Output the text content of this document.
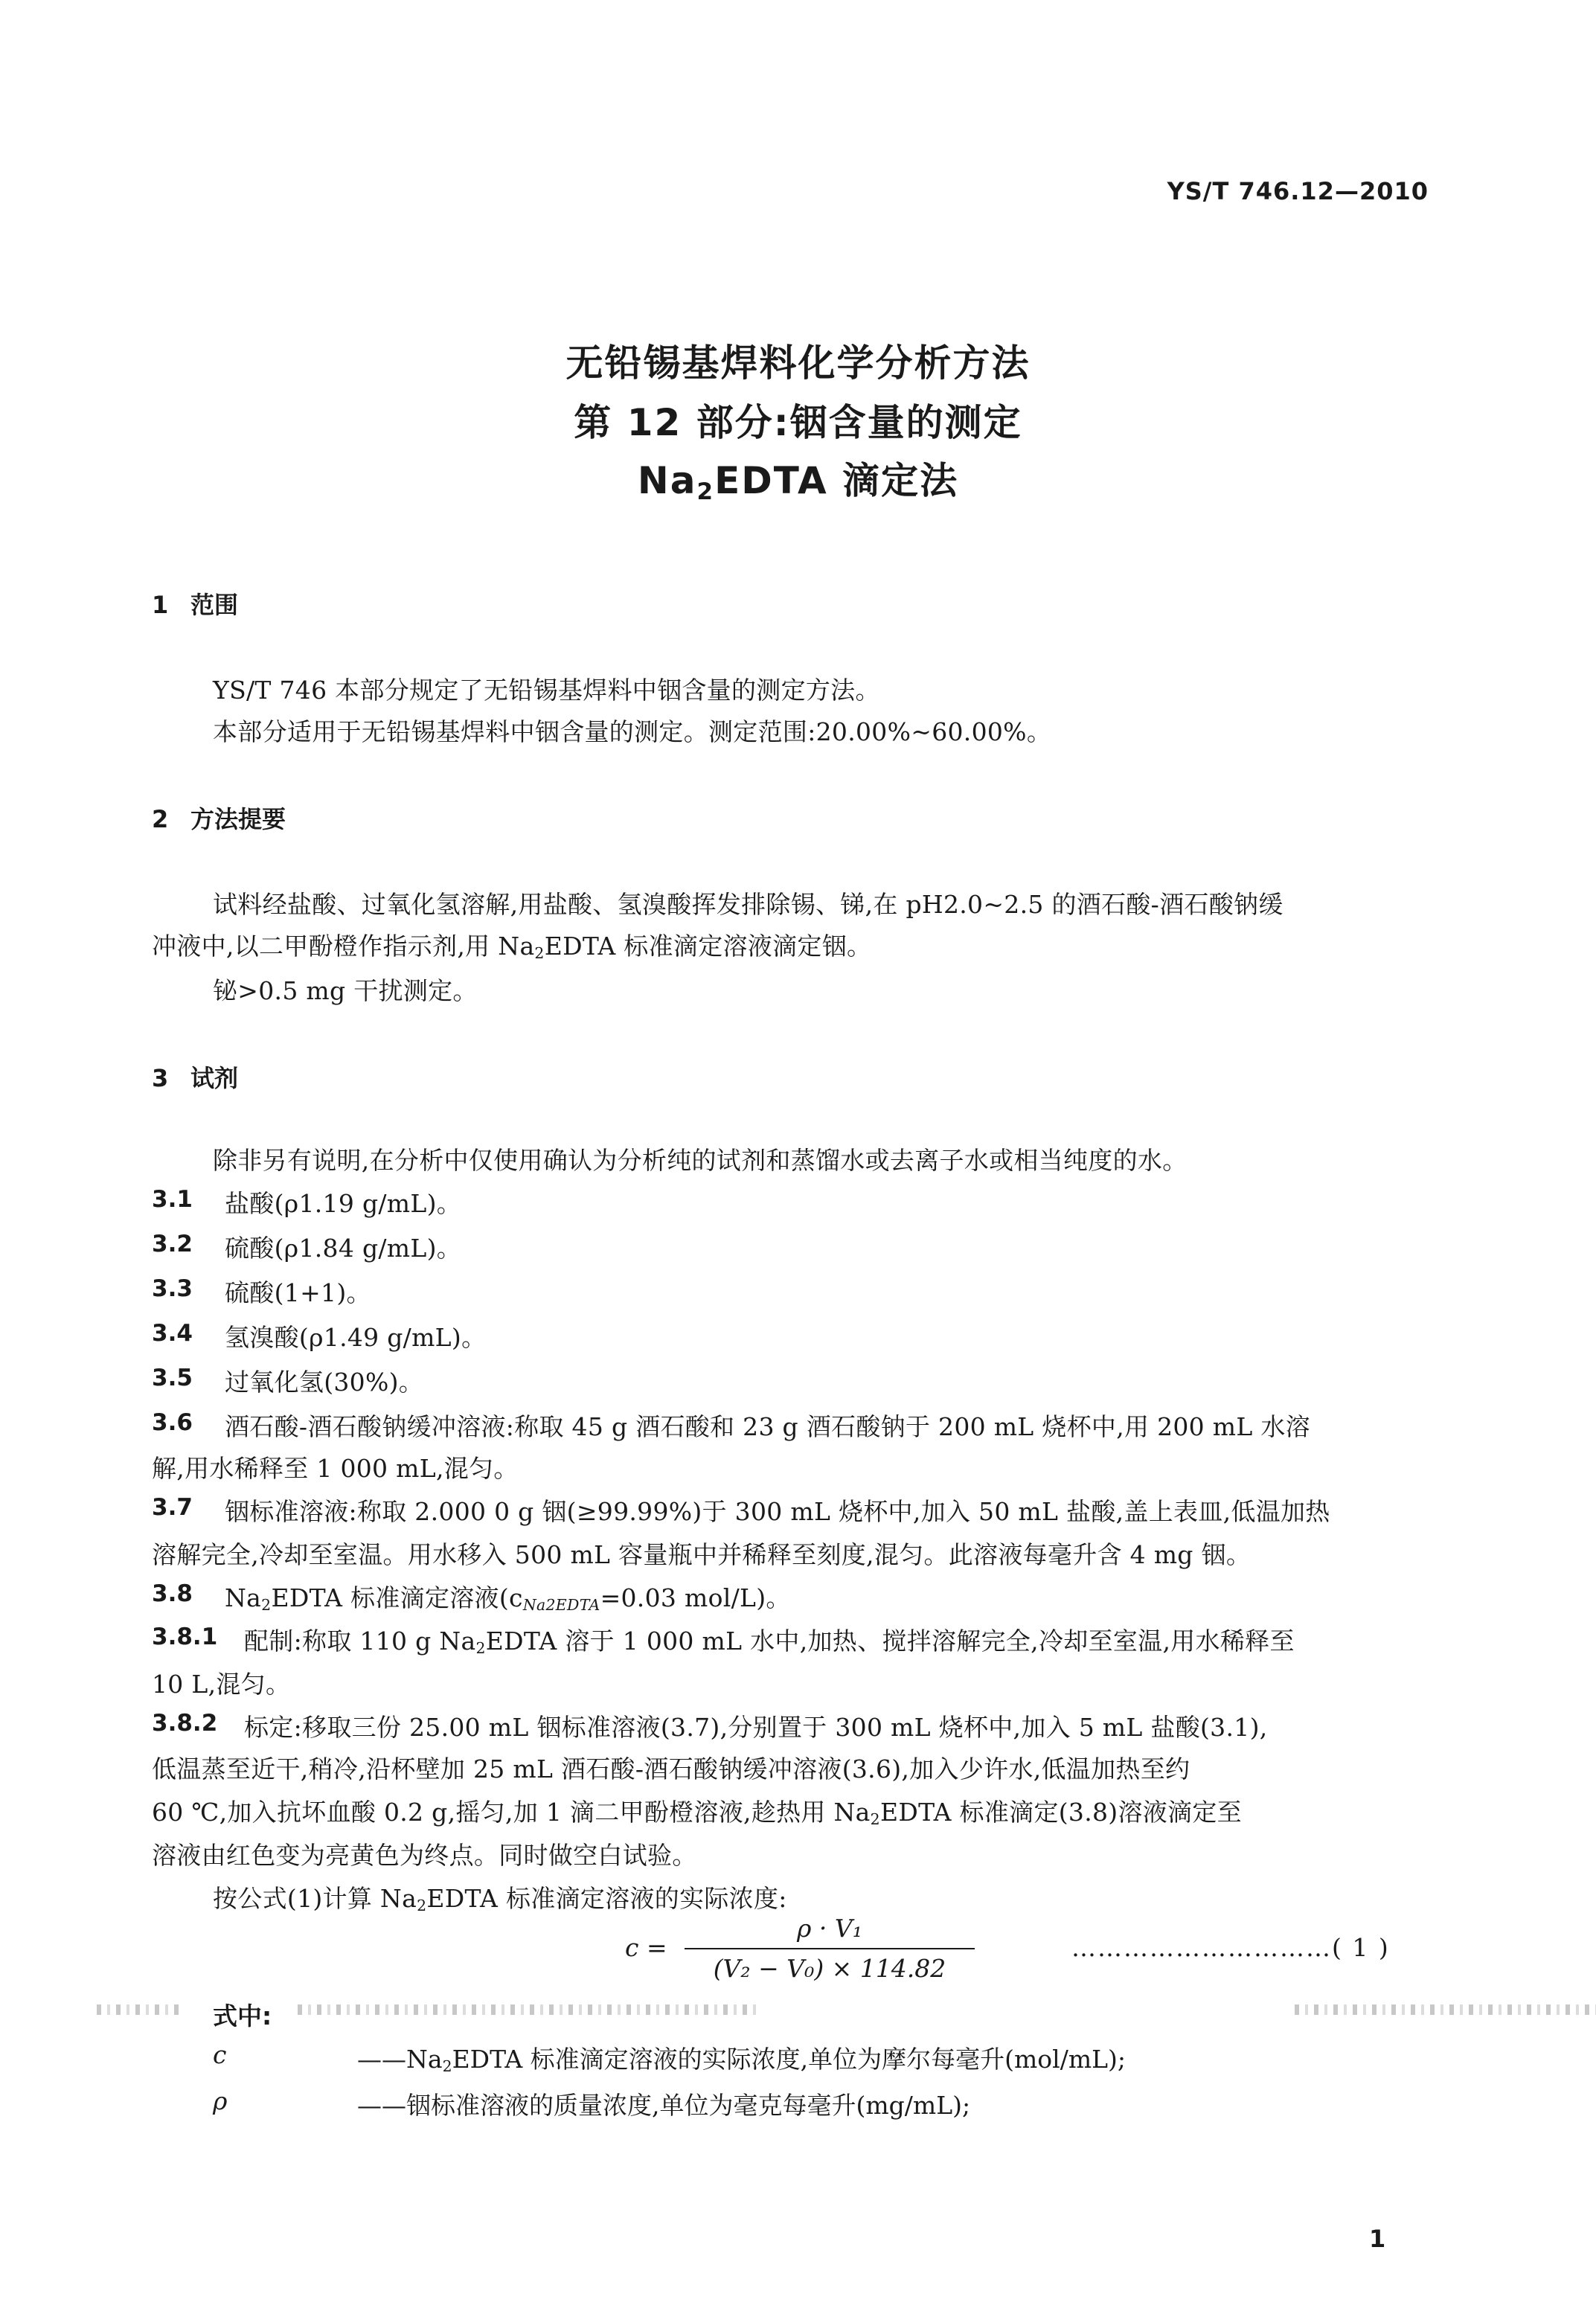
YS/T 746.12—2010
无铅锡基焊料化学分析方法
第 12 部分:铟含量的测定
$Na_2EDTA$ 滴定法
1 范围
YS/T 746 本部分规定了无铅锡基焊料中铟含量的测定方法。
本部分适用于无铅锡基焊料中铟含量的测定。测定范围:20.00%~60.00%。
2 方法提要
试料经盐酸、过氧化氢溶解,用盐酸、氢溴酸挥发排除锡、锑,在 pH2.0~2.5 的酒石酸-酒石酸钠缓
冲液中,以二甲酚橙作指示剂,用 $Na_2EDTA$ 标准滴定溶液滴定铟。
铋>0.5 mg 干扰测定。
3 试剂
除非另有说明,在分析中仅使用确认为分析纯的试剂和蒸馏水或去离子水或相当纯度的水。
3.1 盐酸(ρ1.19 g/mL)。
3.2 硫酸(ρ1.84 g/mL)。
3.3 硫酸(1+1)。
3.4 氢溴酸(ρ1.49 g/mL)。
3.5 过氧化氢(30%)。
3.6 酒石酸-酒石酸钠缓冲溶液:称取 45 g 酒石酸和 23 g 酒石酸钠于 200 mL 烧杯中,用 200 mL 水溶
解,用水稀释至 1 000 mL,混匀。
3.7 铟标准溶液:称取 2.000 0 g 铟(≥99.99%)于 300 mL 烧杯中,加入 50 mL 盐酸,盖上表皿,低温加热
溶解完全,冷却至室温。用水移入 500 mL 容量瓶中并稀释至刻度,混匀。此溶液每毫升含 4 mg 铟。
3.8 $Na_2EDTA$ 标准滴定溶液($c_{Na2EDTA}=0.03$ mol/L)。
3.8.1 配制:称取 110 g $Na_2EDTA$ 溶于 1 000 mL 水中,加热、搅拌溶解完全,冷却至室温,用水稀释至
10 L,混匀。
3.8.2 标定:移取三份 25.00 mL 铟标准溶液(3.7),分别置于 300 mL 烧杯中,加入 5 mL 盐酸(3.1),
低温蒸至近干,稍冷,沿杯壁加 25 mL 酒石酸-酒石酸钠缓冲溶液(3.6),加入少许水,低温加热至约
60 ℃,加入抗坏血酸 0.2 g,摇匀,加 1 滴二甲酚橙溶液,趁热用 $Na_2EDTA$ 标准滴定(3.8)溶液滴定至
溶液由红色变为亮黄色为终点。同时做空白试验。
按公式(1)计算 $Na_2EDTA$ 标准滴定溶液的实际浓度:
c =
ρ · V₁
(V₂ − V₀) × 114.82
…………………………( 1 )
式中:
c	$——Na_2EDTA$ 标准滴定溶液的实际浓度,单位为摩尔每毫升(mol/mL);
ρ	——铟标准溶液的质量浓度,单位为毫克每毫升(mg/mL);
1
